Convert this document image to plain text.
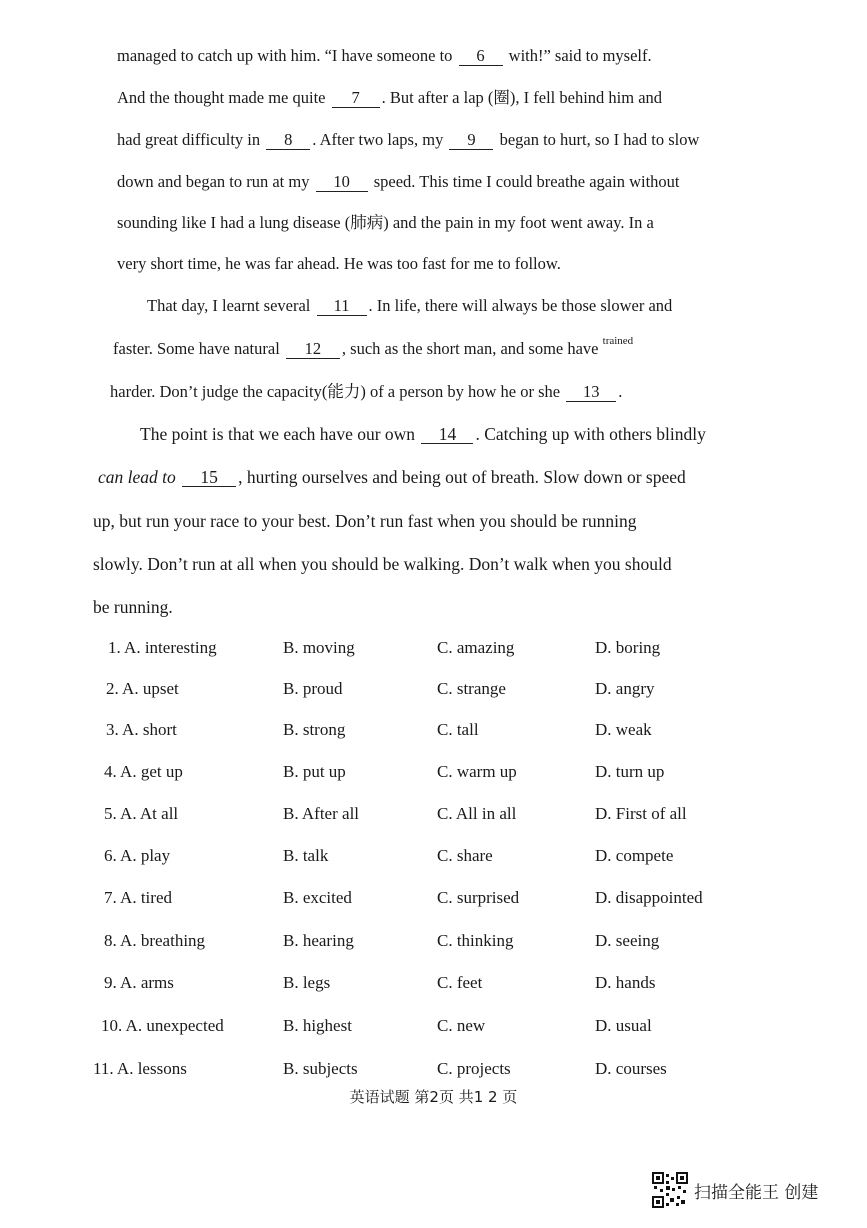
managed to catch up with him. “I have someone to 6 with!” said to myself.
And the thought made me quite 7 . But after a lap (圈), I fell behind him and
had great difficulty in 8 . After two laps, my 9 began to hurt, so I had to slow
down and began to run at my 10 speed. This time I could breathe again without
sounding like I had a lung disease (肺病) and the pain in my foot went away. In a
very short time, he was far ahead. He was too fast for me to follow.
That day, I learnt several 11 . In life, there will always be those slower and
faster. Some have natural 12 , such as the short man, and some have $^{trained}$
harder. Don’t judge the capacity(能力) of a person by how he or she 13 .
The point is that we each have our own 14 . Catching up with others blindly
can lead to 15 , hurting ourselves and being out of breath. Slow down or speed
up, but run your race to your best. Don’t run fast when you should be running
slowly. Don’t run at all when you should be walking. Don’t walk when you should
be running.
1. A. interesting	B. moving	C. amazing	D. boring
2. A. upset	B. proud	C. strange	D. angry
3. A. short	B. strong	C. tall	D. weak
4. A. get up	B. put up	C. warm up	D. turn up
5. A. At all	B. After all	C. All in all	D. First of all
6. A. play	B. talk	C. share	D. compete
7. A. tired	B. excited	C. surprised	D. disappointed
8. A. breathing	B. hearing	C. thinking	D. seeing
9. A. arms	B. legs	C. feet	D. hands
10. A. unexpected	B. highest	C. new	D. usual
11. A. lessons	B. subjects	C. projects	D. courses
英语试题 第2页 共1 2 页
扫描全能王 创建
